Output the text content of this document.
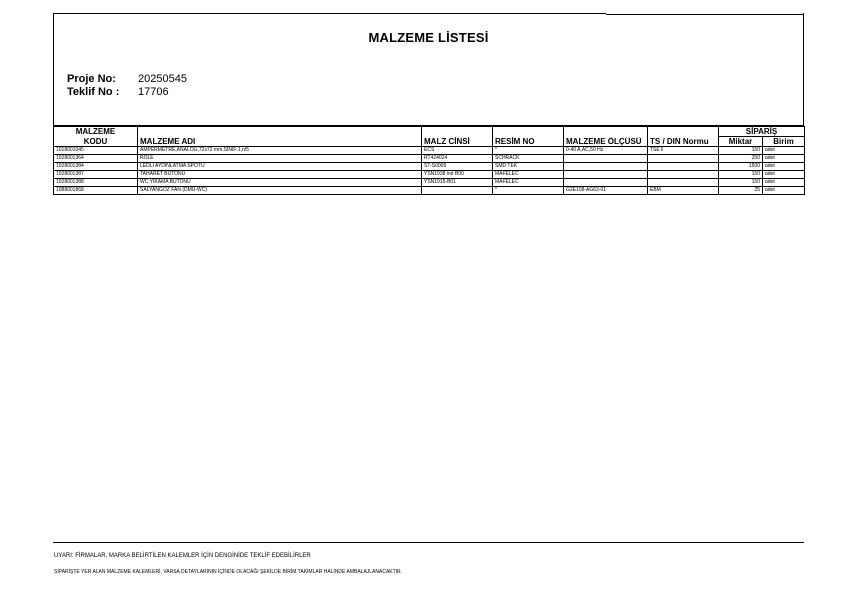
MALZEME LİSTESİ
Proje No: 20250545
Teklif No : 17706
MALZEME						SİPARİŞ	
KODU	MALZEME ADI	MALZ CİNSİ	RESİM NO	MALZEME ÖLÇÜSÜ	TS / DIN Normu	Miktar	Birim
1018001045	AMPERMETRE,ANALOG,72x72 mm,SINIF:1,n/5	ECS	*	0-40 A,AC,50 Hz	TSE li	150	adet
1028001364	ROLE	RT424024	SCHRACK			250	adet
1028001384	LEDLI AYDINLATMA SPOTU	ST-S0005	SMD TEK			1500	adet
1028001387	TAHARET BUTONU	YSN1938 ind B00	MAFELEC			150	adet
1028001388	WC YIKAMA BUTONU	YSN1915-B01	MAFELEC			150	adet
1088001868	SALYANGOZ FAN (DMU-WC)		*	G2E108-AG63-01	EBM	25	adet
UYARI: FİRMALAR, MARKA BELİRTİLEN KALEMLER İÇİN DENGİNİDE TEKLİF EDEBİLİRLER
SİPARİŞTE YER ALAN MALZEME KALEMLERİ, VARSA DETAYLARININ İÇİNDE OLACAĞI ŞEKİLDE BİRİM TAKIMLAR HALİNDE AMBALAJLANACAKTIR.
